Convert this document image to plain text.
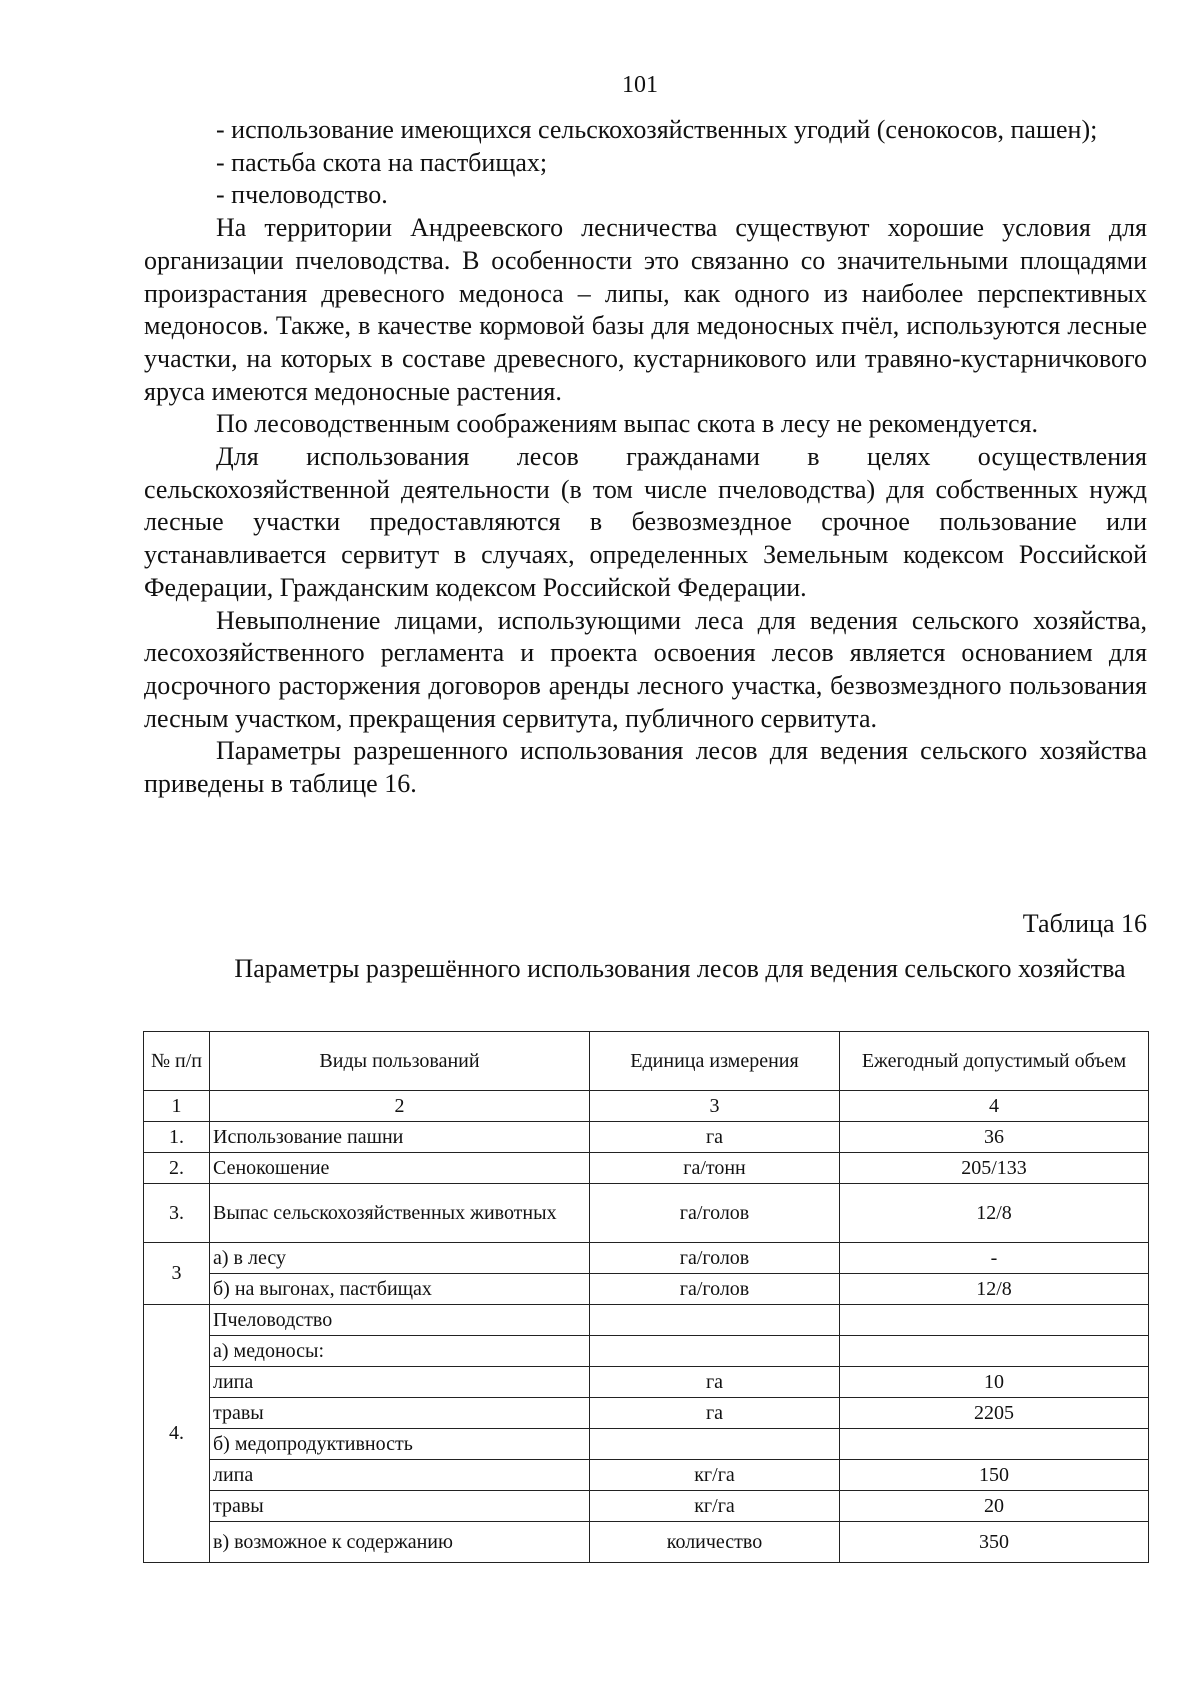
101

- использование имеющихся сельскохозяйственных угодий (сенокосов, пашен);

- пастьба скота на пастбищах;

- пчеловодство.

На территории Андреевского лесничества существуют хорошие условия для организации пчеловодства. В особенности это связанно со значительными площадями произрастания древесного медоноса – липы, как одного из наиболее перспективных медоносов. Также, в качестве кормовой базы для медоносных пчёл, используются лесные участки, на которых в составе древесного, кустарникового или травяно-кустарничкового яруса имеются медоносные растения.

По лесоводственным соображениям выпас скота в лесу не рекомендуется.

Для использования лесов гражданами в целях осуществления сельскохозяйственной деятельности (в том числе пчеловодства) для собственных нужд лесные участки предоставляются в безвозмездное срочное пользование или устанавливается сервитут в случаях, определенных Земельным кодексом Российской Федерации, Гражданским кодексом Российской Федерации.

Невыполнение лицами, использующими леса для ведения сельского хозяйства, лесохозяйственного регламента и проекта освоения лесов является основанием для досрочного расторжения договоров аренды лесного участка, безвозмездного пользования лесным участком, прекращения сервитута, публичного сервитута.

Параметры разрешенного использования лесов для ведения сельского хозяйства приведены в таблице 16.

Таблица 16
Параметры разрешённого использования лесов для ведения сельского хозяйства
№ п/п	Виды пользований	Единица измерения	Ежегодный допустимый объем
1	2	3	4
1.	Использование пашни	га	36
2.	Сенокошение	га/тонн	205/133
3.	Выпас сельскохозяйственных животных	га/голов	12/8
3	а) в лесу	га/голов	-
	б) на выгонах, пастбищах	га/голов	12/8
4.	Пчеловодство		
	а) медоносы:		
	липа	га	10
	травы	га	2205
	б) медопродуктивность		
	липа	кг/га	150
	травы	кг/га	20
	в) возможное к содержанию	количество	350
